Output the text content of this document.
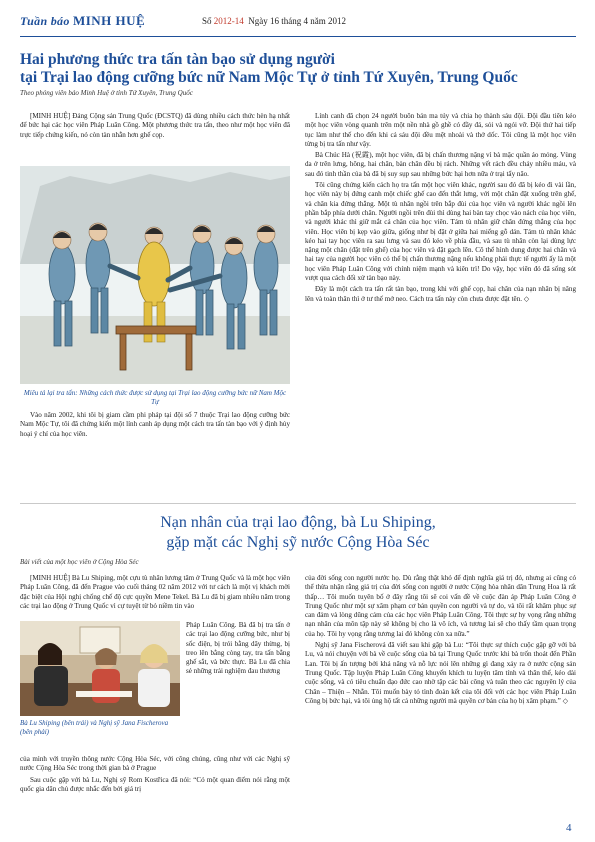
Tuần báo MINH HUỆ	Số 2012-14 Ngày 16 tháng 4 năm 2012
Hai phương thức tra tấn tàn bạo sử dụng người
tại Trại lao động cưỡng bức nữ Nam Mộc Tự ở tỉnh Tứ Xuyên, Trung Quốc
Theo phóng viên báo Minh Huệ ở tỉnh Tứ Xuyên, Trung Quốc

[MINH HUỆ] Đảng Cộng sản Trung Quốc (ĐCSTQ) đã dùng nhiều cách thức hèn hạ nhất để bức hại các học viên Pháp Luân Công. Một phương thức tra tấn, theo như một học viên đã trực tiếp chứng kiến, nó còn tàn nhẫn hơn ghế cọp.

Miêu tả lại tra tấn: Những cách thức được sử dụng tại Trại lao động cưỡng bức nữ Nam Mộc Tự

Vào năm 2002, khi tôi bị giam cầm phi pháp tại đội số 7 thuộc Trại lao động cưỡng bức Nam Mộc Tự, tôi đã chứng kiến một lính canh áp dụng một cách tra tấn tàn bạo với ý định hủy hoại ý chí của học viên.

Lính canh đã chọn 24 người buôn bán ma túy và chia họ thành sáu đội. Đội đầu tiên kéo một học viên vòng quanh trên một nền nhà gồ ghề có đầy đá, sỏi và ngói vỡ. Đội thứ hai tiếp tục làm như thế cho đến khi cả sáu đội đều mệt nhoài và thở dốc. Tôi cũng là một học viên từng bị tra tấn như vậy.

Bà Chúc Hà (祝霞), một học viên, đã bị chấn thương nặng vì bà mặc quần áo mỏng. Vùng da ở trên lưng, hông, hai chân, bàn chân đều bị rách. Những vết rách đều chảy nhiều máu, và sau đó tinh thần của bà đã bị suy sụp sau những bức hại hơn nữa ở trại tẩy não.

Tôi cũng chứng kiến cách họ tra tấn một học viên khác, người sau đó đã bị kéo đi vài lần, học viên này bị đứng canh một chiếc ghế cao đến thắt lưng, với một chân đặt xuống trên ghế, và chân kia đứng thẳng. Một tù nhân ngồi trên bắp đùi của học viên và người khác ngồi lên phần bắp phía dưới chân. Người ngồi trên đùi thì dùng hai bàn tay chọc vào nách của học viên, và người khác thì giữ mắt cá chân của học viên. Tám tù nhân giữ chân đứng thẳng của học viên. Học viên bị kẹp vào giữa, giống như bị đặt ở giữa hai miếng gỗ dán. Tám tù nhân khác kéo hai tay học viên ra sau lưng và sau đó kéo về phía đầu, và sau tù nhân còn lại dùng lực nặng một chân (đặt trên ghế) của học viên và đặt gạch lên. Cô thể hình dung được hai chân và hai tay của người học viên có thể bị chấn thương nặng nếu không phải thực tế người ấy là một học viên Pháp Luân Công với chính niệm mạnh và kiên trì! Do vậy, học viên đó đã sống sót vượt qua cách đối xử tàn bạo này.

Đây là một cách tra tấn rất tàn bạo, trong khi với ghế cọp, hai chân của nạn nhân bị nâng lên và toàn thân thì ở tư thế mở neo. Cách tra tấn này còn chưa được đặt tên. ◇

Nạn nhân của trại lao động, bà Lu Shiping,
gặp mặt các Nghị sỹ nước Cộng Hòa Séc
Bài viết của một học viên ở Cộng Hòa Séc

[MINH HUỆ] Bà Lu Shiping, một cựu tù nhân lương tâm ở Trung Quốc và là một học viên Pháp Luân Công, đã đến Prague vào cuối tháng 02 năm 2012 với tư cách là một vị khách mời đặc biệt của Hội nghị chống chế độ cực quyền Mene Tekel. Bà Lu đã bị giam nhiều năm trong các trại lao động ở Trung Quốc vì cự tuyệt từ bỏ niềm tin vào

Bà Lu Shiping (bên trái) và Nghị sỹ Jana Fischerova (bên phải)

Pháp Luân Công. Bà đã bị tra tấn ở các trại lao động cưỡng bức, như bị sốc điện, bị trói bằng dây thừng, bị treo lên bằng còng tay, tra tấn bằng ghế sắt, và bức thực. Bà Lu đã chia sẻ những trải nghiệm đau thương

của mình với truyền thông nước Cộng Hòa Séc, với công chúng, cũng như với các Nghị sỹ nước Cộng Hòa Séc trong thời gian bà ở Prague

Sau cuộc gặp với bà Lu, Nghị sỹ Rom Kostřica đã nói: “Có một quan điểm nói rằng một quốc gia dân chủ được nhắc đến bởi giá trị

của đời sống con người nước họ. Dù rằng thật khó để định nghĩa giá trị đó, nhưng ai cũng có thể thừa nhận rằng giá trị của đời sống con người ở nước Cộng hòa nhân dân Trung Hoa là rất thấp… Tôi muốn tuyên bố ở đây rằng tôi sẽ coi vấn đề về cuộc đàn áp Pháp Luân Công ở Trung Quốc như một sự xâm phạm cơ bản quyền con người và tự do, và tôi rất khâm phục sự can đảm và lòng dũng cảm của các học viên Pháp Luân Công. Tôi thực sự hy vọng rằng những nạn nhân của môn tập này sẽ không bị cho là vô ích, và tương lai sẽ cho thấy tầm quan trọng của họ. Tôi hy vọng rằng tương lai đó không còn xa nữa.”

Nghị sỹ Jana Fischerová đã viết sau khi gặp bà Lu: “Tôi thực sự thích cuộc gặp gỡ với bà Lu, và nói chuyện với bà về cuộc sống của bà tại Trung Quốc trước khi bà trốn thoát đến Phần Lan. Tôi bị ấn tượng bởi khả năng và nỗ lực nói lên những gì đang xảy ra ở nước cộng sản Trung Quốc. Tập luyện Pháp Luân Công khuyến khích tu luyện tâm tính và thân thể, kéo dài cuộc sống, và có tiêu chuẩn đạo đức cao nhờ tập các bài công và tuân theo các nguyên lý của Chân – Thiện – Nhẫn. Tôi muốn bày tỏ tình đoàn kết của tôi đối với các học viên Pháp Luân Công bị bức hại, và tôi ủng hộ tất cả những người mà quyền cơ bản của họ bị xâm phạm.” ◇

4
